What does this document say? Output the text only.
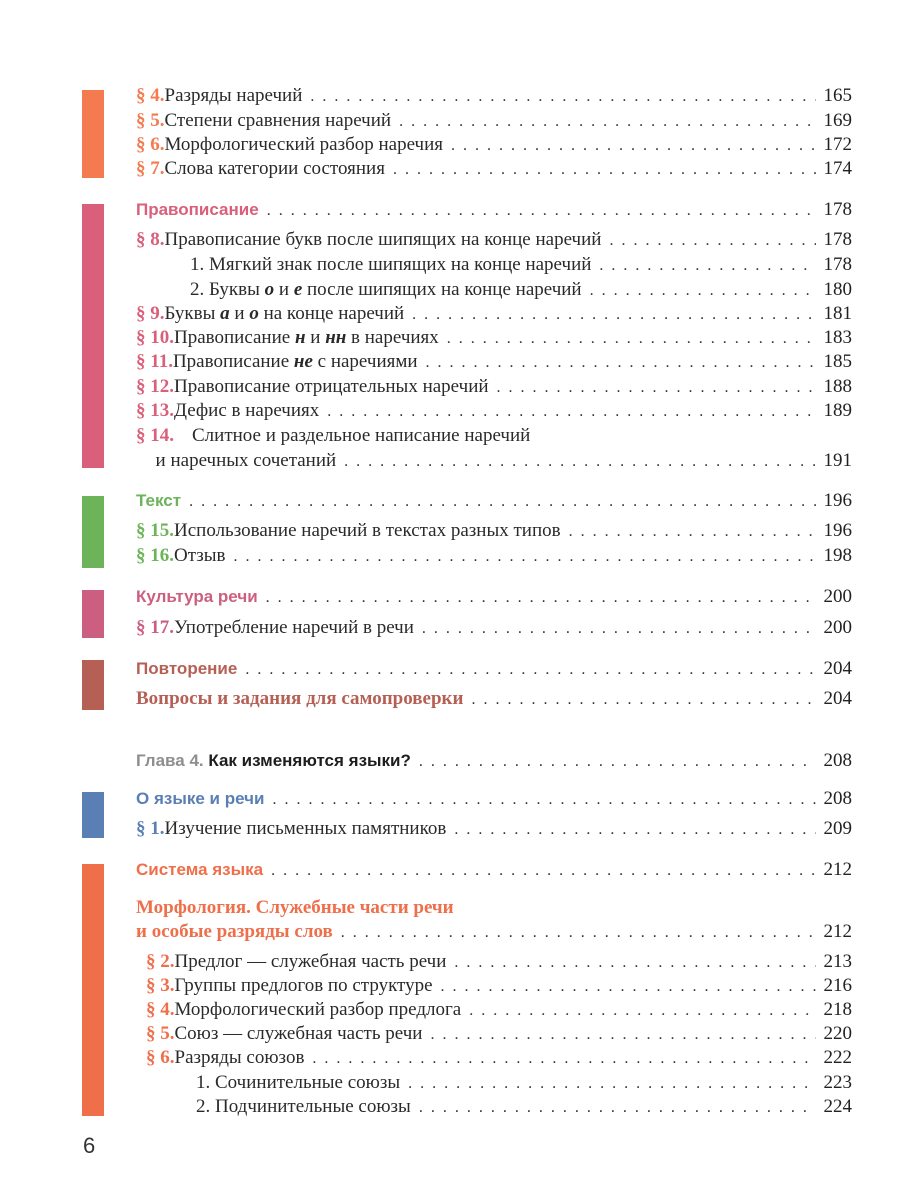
§ 4. Разряды наречий . . .	165
§ 5. Степени сравнения наречий . . .	169
§ 6. Морфологический разбор наречия . . .	172
§ 7. Слова категории состояния . . .	174
Правописание . . .	178
§ 8. Правописание букв после шипящих на конце наречий . . .	178
1. Мягкий знак после шипящих на конце наречий . . .	178
2. Буквы о и е после шипящих на конце наречий . . .	180
§ 9. Буквы а и о на конце наречий . . .	181
§ 10. Правописание н и нн в наречиях . . .	183
§ 11. Правописание не с наречиями . . .	185
§ 12. Правописание отрицательных наречий . . .	188
§ 13. Дефис в наречиях . . .	189
§ 14. Слитное и раздельное написание наречий
и наречных сочетаний . . .	191
Текст . . .	196
§ 15. Использование наречий в текстах разных типов . . .	196
§ 16. Отзыв . . .	198
Культура речи . . .	200
§ 17. Употребление наречий в речи . . .	200
Повторение . . .	204
Вопросы и задания для самопроверки . . .	204
Глава 4. Как изменяются языки? . . .	208
О языке и речи . . .	208
§ 1. Изучение письменных памятников . . .	209
Система языка . . .	212
Морфология. Служебные части речи
и особые разряды слов . . .	212
§ 2. Предлог — служебная часть речи . . .	213
§ 3. Группы предлогов по структуре . . .	216
§ 4. Морфологический разбор предлога . . .	218
§ 5. Союз — служебная часть речи . . .	220
§ 6. Разряды союзов . . .	222
1. Сочинительные союзы . . .	223
2. Подчинительные союзы . . .	224
6
